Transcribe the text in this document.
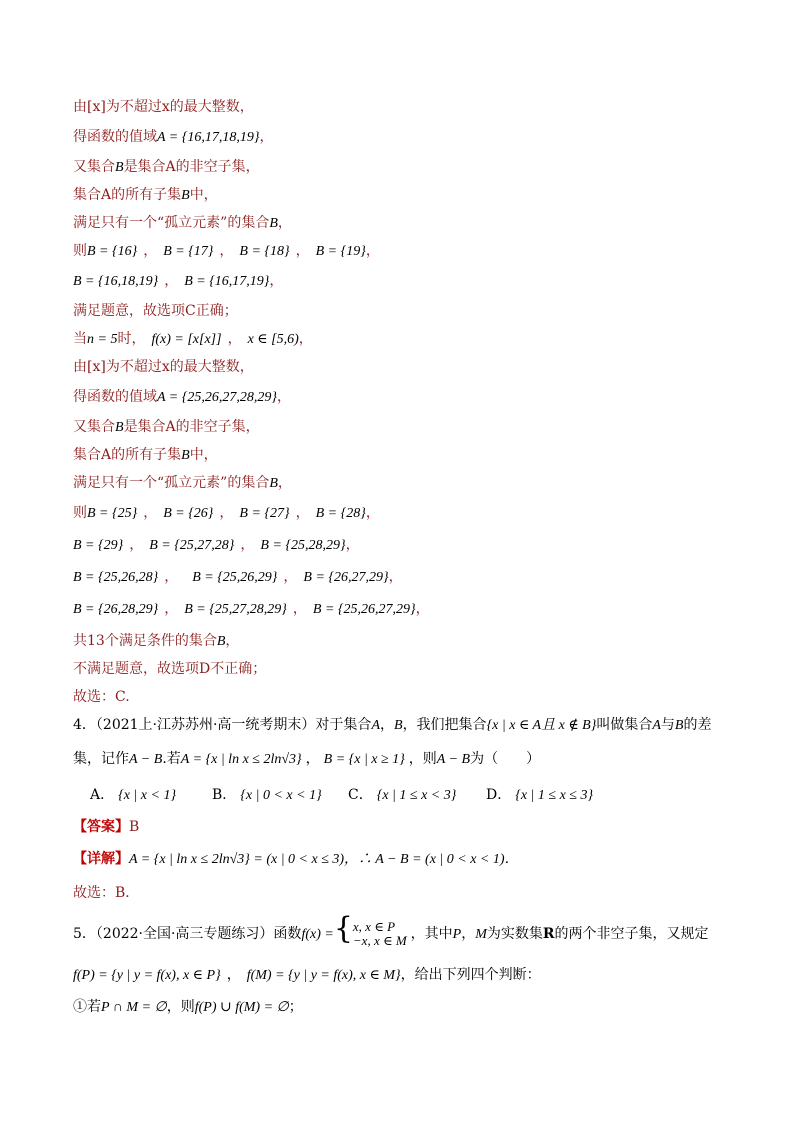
由[x]为不超过x的最大整数，
得函数的值域A = {16,17,18,19}，
又集合B是集合A的非空子集，
集合A的所有子集B中，
满足只有一个“孤立元素”的集合B，
则B = {16} ， B = {17} ， B = {18} ， B = {19}，
B = {16,18,19} ， B = {16,17,19}，
满足题意，故选项C正确；
当n = 5时， f(x) = [x[x]] ， x ∈ [5,6)，
由[x]为不超过x的最大整数，
得函数的值域A = {25,26,27,28,29}，
又集合B是集合A的非空子集，
集合A的所有子集B中，
满足只有一个“孤立元素”的集合B，
则B = {25} ， B = {26} ， B = {27} ， B = {28}，
B = {29} ， B = {25,27,28} ， B = {25,28,29}，
B = {25,26,28} ， B = {25,26,29} ， B = {26,27,29}，
B = {26,28,29} ， B = {25,27,28,29} ， B = {25,26,27,29}，
共13个满足条件的集合B，
不满足题意，故选项D不正确；
故选：C.
4．（2021上·江苏苏州·高一统考期末）对于集合A，B，我们把集合{x | x ∈ A且 x ∉ B}叫做集合A与B的差
集，记作A − B.若A = {x | ln x ≤ 2ln√3} ， B = {x | x ≥ 1} ，则A − B为（　　）
A． {x | x < 1}	B． {x | 0 < x < 1} C． {x | 1 ≤ x < 3} D． {x | 1 ≤ x ≤ 3}
【答案】B
【详解】A = {x | ln x ≤ 2ln√3} = (x | 0 < x ≤ 3)，∴ A − B = (x | 0 < x < 1)．
故选：B．
5．（2022·全国·高三专题练习）函数f(x) ={x, x ∈ P
−x, x ∈ M ，其中P，M为实数集R的两个非空子集，又规定
f(P) = {y | y = f(x), x ∈ P} ， f(M) = {y | y = f(x), x ∈ M}，给出下列四个判断：
①若P ∩ M = ∅，则f(P) ∪ f(M) = ∅；
